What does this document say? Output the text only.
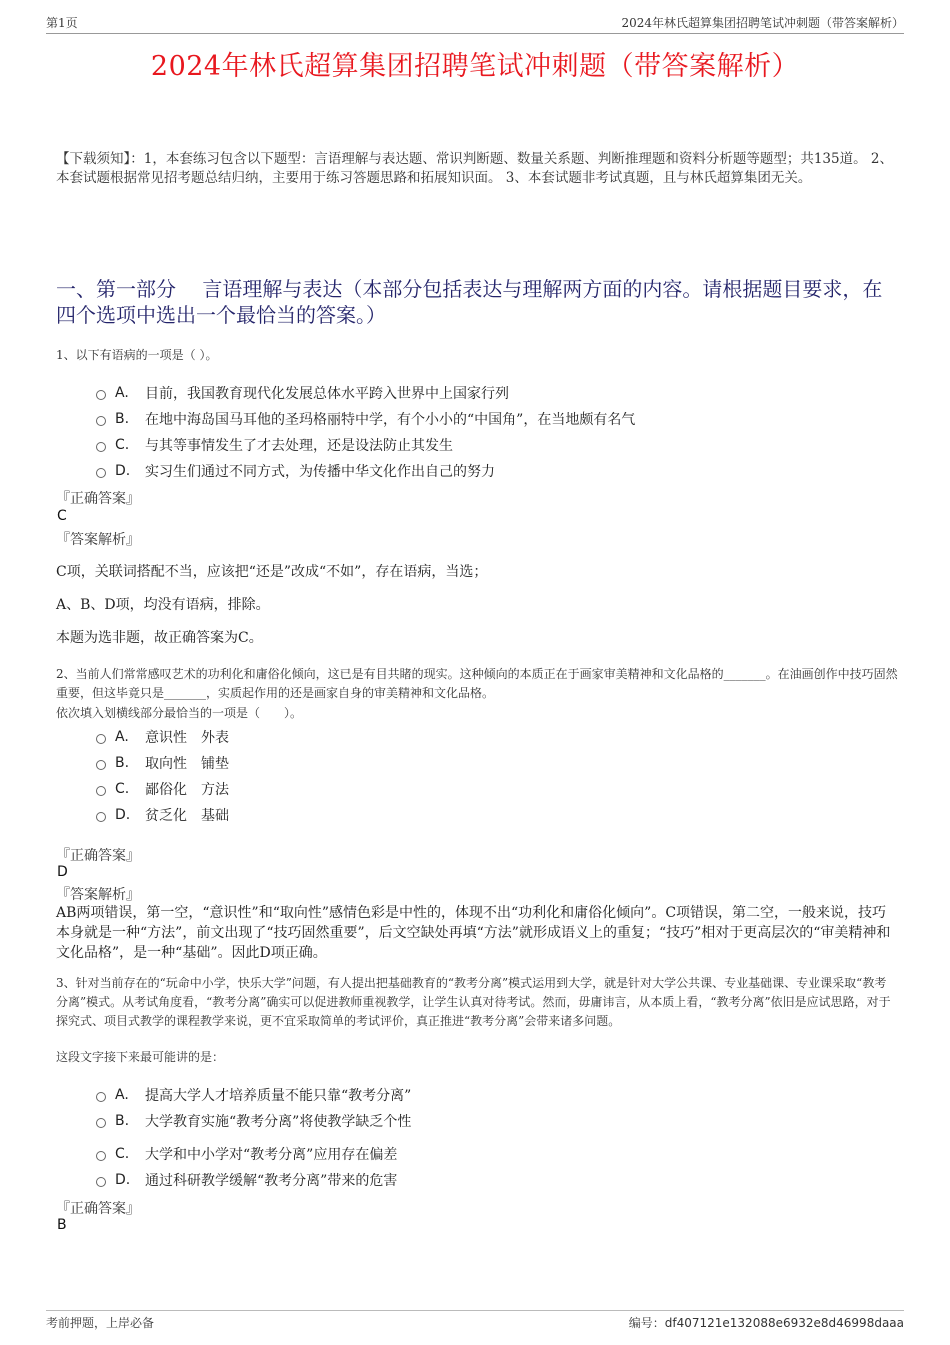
第1页	2024年林氏超算集团招聘笔试冲刺题（带答案解析）
2024年林氏超算集团招聘笔试冲刺题（带答案解析）
【下载须知】：1，本套练习包含以下题型：言语理解与表达题、常识判断题、数量关系题、判断推理题和资料分析题等题型；共135道。 2、本套试题根据常见招考题总结归纳，主要用于练习答题思路和拓展知识面。 3、本套试题非考试真题，且与林氏超算集团无关。
一、第一部分　 言语理解与表达（本部分包括表达与理解两方面的内容。请根据题目要求，在四个选项中选出一个最恰当的答案。）
1、以下有语病的一项是（ ）。
A.	目前，我国教育现代化发展总体水平跨入世界中上国家行列
B.	在地中海岛国马耳他的圣玛格丽特中学，有个小小的“中国角”，在当地颇有名气
C.	与其等事情发生了才去处理，还是设法防止其发生
D.	实习生们通过不同方式，为传播中华文化作出自己的努力
『正确答案』
C
『答案解析』
C项，关联词搭配不当，应该把“还是”改成“不如”，存在语病，当选；
A、B、D项，均没有语病，排除。
本题为选非题，故正确答案为C。
2、当前人们常常感叹艺术的功利化和庸俗化倾向，这已是有目共睹的现实。这种倾向的本质正在于画家审美精神和文化品格的_______。在油画创作中技巧固然重要，但这毕竟只是_______，实质起作用的还是画家自身的审美精神和文化品格。
依次填入划横线部分最恰当的一项是（　　）。
A.	意识性　外表
B.	取向性　铺垫
C.	鄙俗化　方法
D.	贫乏化　基础
『正确答案』
D
『答案解析』
AB两项错误，第一空，“意识性”和“取向性”感情色彩是中性的，体现不出“功利化和庸俗化倾向”。C项错误，第二空，一般来说，技巧本身就是一种“方法”，前文出现了“技巧固然重要”，后文空缺处再填“方法”就形成语义上的重复；“技巧”相对于更高层次的“审美精神和文化品格”，是一种“基础”。因此D项正确。
3、针对当前存在的“玩命中小学，快乐大学”问题，有人提出把基础教育的“教考分离”模式运用到大学，就是针对大学公共课、专业基础课、专业课采取“教考分离”模式。从考试角度看，“教考分离”确实可以促进教师重视教学，让学生认真对待考试。然而，毋庸讳言，从本质上看，“教考分离”依旧是应试思路，对于探究式、项目式教学的课程教学来说，更不宜采取简单的考试评价，真正推进“教考分离”会带来诸多问题。
这段文字接下来最可能讲的是：
A.	提高大学人才培养质量不能只靠“教考分离”
B.	大学教育实施“教考分离”将使教学缺乏个性
C.	大学和中小学对“教考分离”应用存在偏差
D.	通过科研教学缓解“教考分离”带来的危害
『正确答案』
B
考前押题，上岸必备	编号：df407121e132088e6932e8d46998daaa
